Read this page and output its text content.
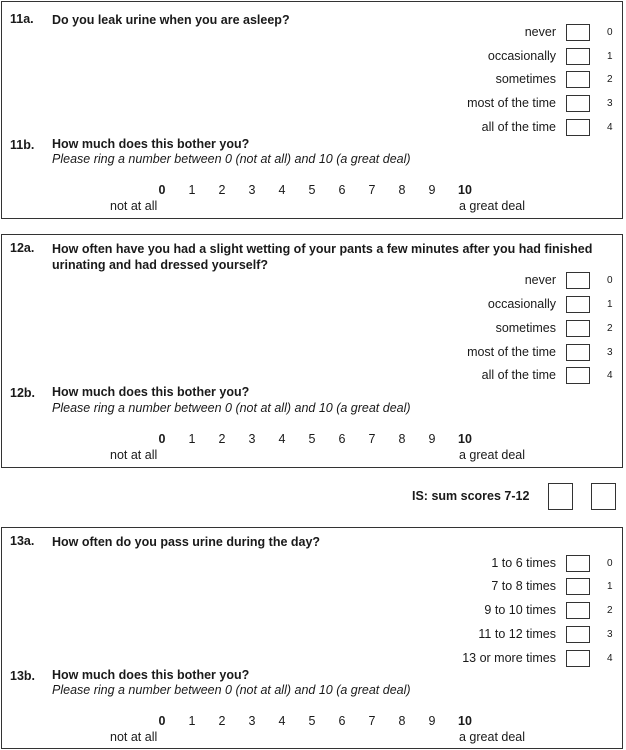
11a. Do you leak urine when you are asleep?
never	0
occasionally	1
sometimes	2
most of the time	3
all of the time	4
11b. How much does this bother you?
Please ring a number between 0 (not at all) and 10 (a great deal)
0	1	2	3	4	5	6	7	8	9	10
not at all	a great deal
12a. How often have you had a slight wetting of your pants a few minutes after you had finished urinating and had dressed yourself?
never	0
occasionally	1
sometimes	2
most of the time	3
all of the time	4
12b. How much does this bother you?
Please ring a number between 0 (not at all) and 10 (a great deal)
0	1	2	3	4	5	6	7	8	9	10
not at all	a great deal
IS: sum scores 7-12
13a. How often do you pass urine during the day?
1 to 6 times	0
7 to 8 times	1
9 to 10 times	2
11 to 12 times	3
13 or more times	4
13b. How much does this bother you?
Please ring a number between 0 (not at all) and 10 (a great deal)
0	1	2	3	4	5	6	7	8	9	10
not at all	a great deal
